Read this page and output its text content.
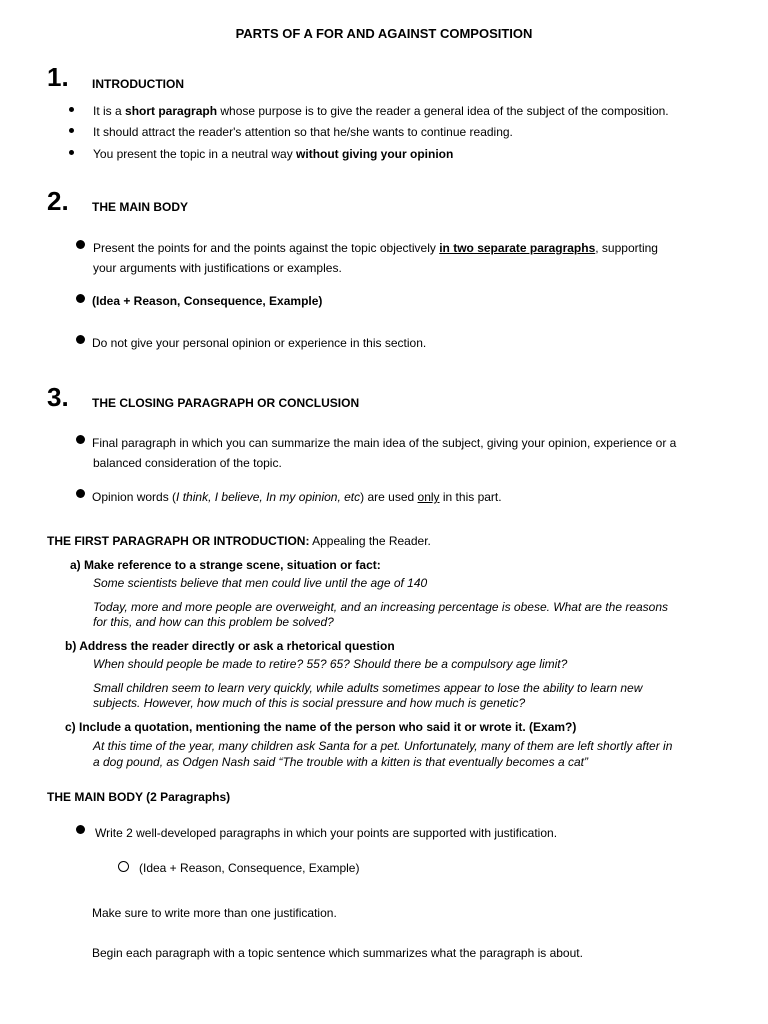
PARTS OF A FOR AND AGAINST COMPOSITION
1. INTRODUCTION
It is a short paragraph whose purpose is to give the reader a general idea of the subject of the composition.
It should attract the reader's attention so that he/she wants to continue reading.
You present the topic in a neutral way without giving your opinion
2. THE MAIN BODY
Present the points for and the points against the topic objectively in two separate paragraphs, supporting
your arguments with justifications or examples.
(Idea + Reason, Consequence, Example)
Do not give your personal opinion or experience in this section.
3. THE CLOSING PARAGRAPH OR CONCLUSION
Final paragraph in which you can summarize the main idea of the subject, giving your opinion, experience or a
balanced consideration of the topic.
Opinion words (I think, I believe, In my opinion, etc) are used only in this part.
THE FIRST PARAGRAPH OR INTRODUCTION: Appealing the Reader.
a) Make reference to a strange scene, situation or fact:
Some scientists believe that men could live until the age of 140
Today, more and more people are overweight, and an increasing percentage is obese. What are the reasons
for this, and how can this problem be solved?
b) Address the reader directly or ask a rhetorical question
When should people be made to retire? 55? 65? Should there be a compulsory age limit?
Small children seem to learn very quickly, while adults sometimes appear to lose the ability to learn new
subjects. However, how much of this is social pressure and how much is genetic?
c) Include a quotation, mentioning the name of the person who said it or wrote it. (Exam?)
At this time of the year, many children ask Santa for a pet. Unfortunately, many of them are left shortly after in
a dog pound, as Odgen Nash said “The trouble with a kitten is that eventually becomes a cat”
THE MAIN BODY (2 Paragraphs)
Write 2 well-developed paragraphs in which your points are supported with justification.
(Idea + Reason, Consequence, Example)
Make sure to write more than one justification.
Begin each paragraph with a topic sentence which summarizes what the paragraph is about.
